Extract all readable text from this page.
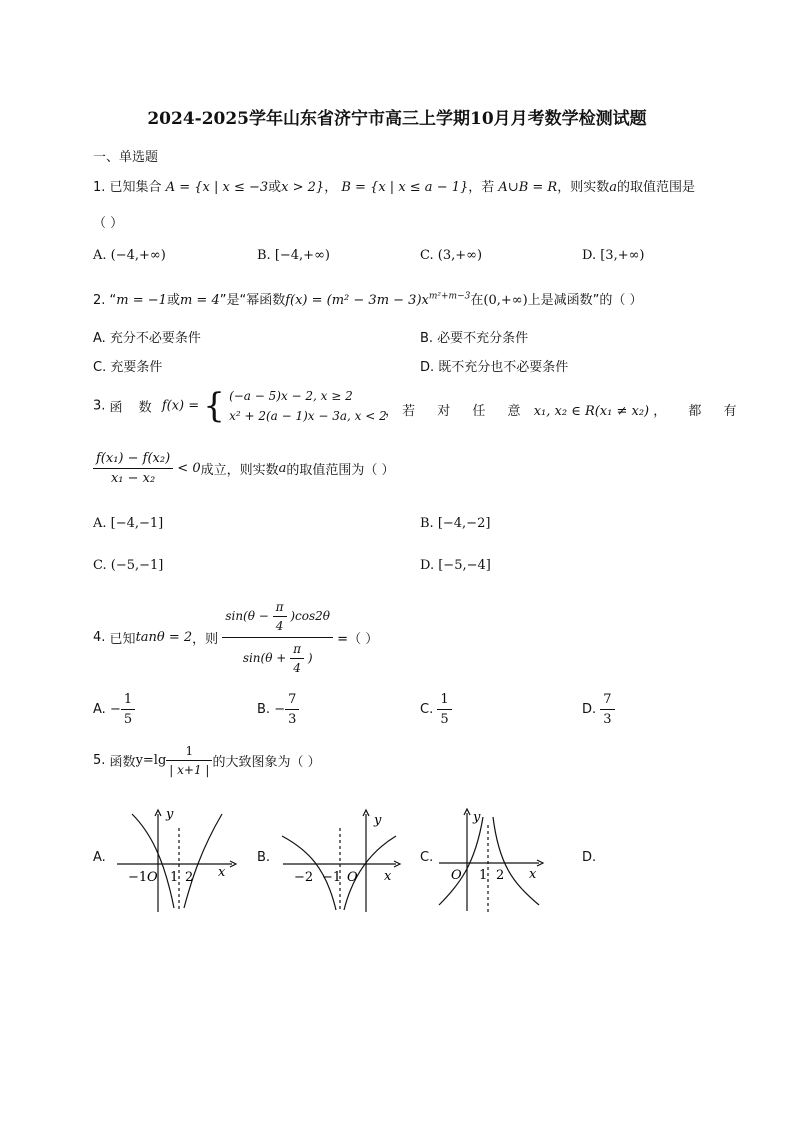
2024-2025学年山东省济宁市高三上学期10月月考数学检测试题
一、单选题
1. 已知集合 A = {x | x ≤ −3或x > 2}， B = {x | x ≤ a − 1}，若 A∪B = R，则实数a的取值范围是
（ ）
A. (−4,+∞)	B. [−4,+∞)	C. (3,+∞)	D. [3,+∞)
2. “m = −1或m = 4”是“幂函数$f(x) = (m^2 - 3m - 3)x^{m^2+m-3}$在(0,+∞)上是减函数”的（ ）
A. 充分不必要条件	B. 必要不充分条件
C. 充要条件	D. 既不充分也不必要条件
3. 函 数 f(x) = { (−a − 5)x − 2, x ≥ 2
x² + 2(a − 1)x − 3a, x < 2
， 若 对 任 意 x₁, x₂ ∈ R(x₁ ≠ x₂) ， 都 有
$\frac{\text{f(x₁) − f(x₂)}}{\text{x₁ − x₂}} < 0$成立，则实数a的取值范围为（ ）
A. [−4,−1]	B. [−4,−2]
C. (−5,−1]	D. [−5,−4]
4. 已知tanθ = 2，则 $\frac{\sin(\theta - \frac{\pi}{4} )\cos 2\theta}{\sin(\theta + \frac{\pi}{4} )}$ =（ ）
A. − $\frac{1}{5}$	B. − $\frac{7}{3}$	C. $\frac{1}{5}$	D. $\frac{7}{3}$
5. 函数$y=\lg \frac{1}{| x+1 |}$ 的大致图象为（ ）
A.	B.	C.	D.
y
x
−1 O 1 2
y
x
−2 −1 O
y
x
O 1 2
